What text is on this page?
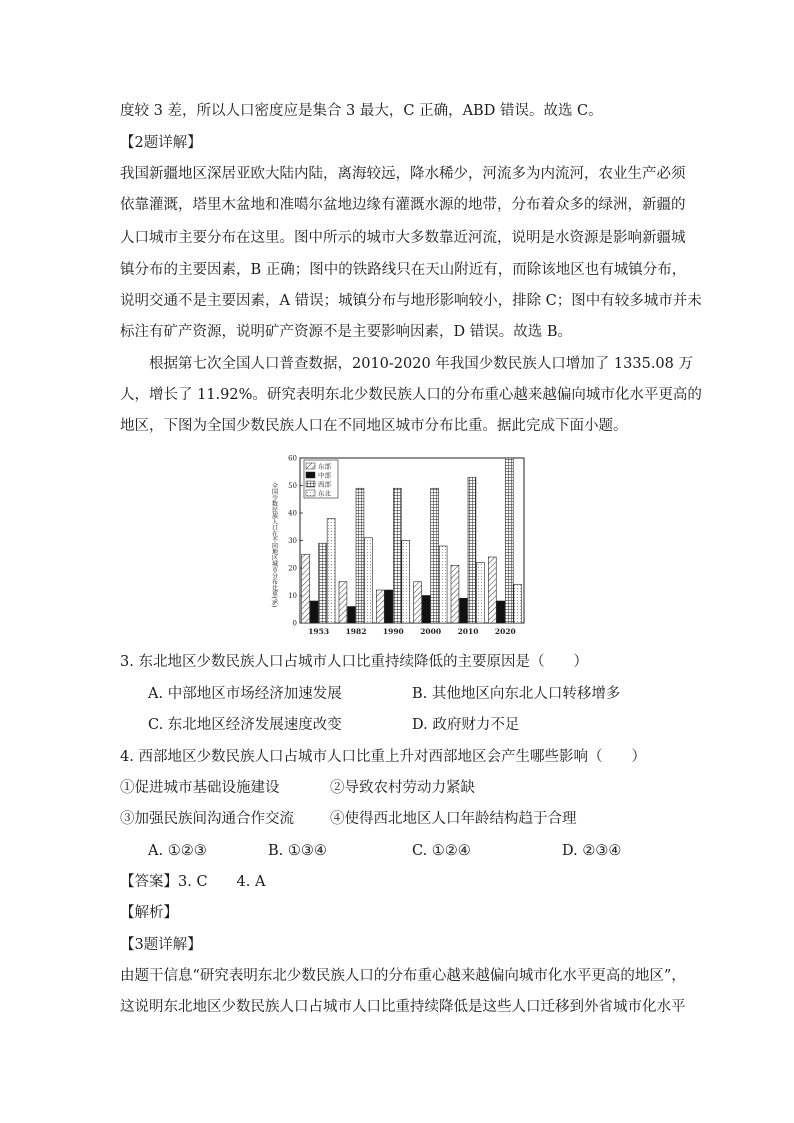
度较 3 差，所以人口密度应是集合 3 最大，C 正确，ABD 错误。故选 C。
【2题详解】
我国新疆地区深居亚欧大陆内陆，离海较远，降水稀少，河流多为内流河，农业生产必须
依靠灌溉，塔里木盆地和准噶尔盆地边缘有灌溉水源的地带，分布着众多的绿洲，新疆的
人口城市主要分布在这里。图中所示的城市大多数靠近河流，说明是水资源是影响新疆城
镇分布的主要因素，B 正确；图中的铁路线只在天山附近有，而除该地区也有城镇分布，
说明交通不是主要因素，A 错误；城镇分布与地形影响较小，排除 C；图中有较多城市并未
标注有矿产资源，说明矿产资源不是主要影响因素，D 错误。故选 B。
根据第七次全国人口普查数据，2010-2020 年我国少数民族人口增加了 1335.08 万
人，增长了 11.92%。研究表明东北少数民族人口的分布重心越来越偏向城市化水平更高的
地区，下图为全国少数民族人口在不同地区城市分布比重。据此完成下面小题。
全国少数民族人口在不同地区城市分布比重(%)
0
10
20
30
40
50
60
1953 1982 1990 2000 2010 2020
东部
中部
西部
东北
3. 东北地区少数民族人口占城市人口比重持续降低的主要原因是（　　）
A. 中部地区市场经济加速发展	B. 其他地区向东北人口转移增多
C. 东北地区经济发展速度改变	D. 政府财力不足
4. 西部地区少数民族人口占城市人口比重上升对西部地区会产生哪些影响（　　）
①促进城市基础设施建设	②导致农村劳动力紧缺
③加强民族间沟通合作交流 ④使得西北地区人口年龄结构趋于合理
A. ①②③	B. ①③④	C. ①②④	D. ②③④
【答案】3. C　　4. A
【解析】
【3题详解】
由题干信息“研究表明东北少数民族人口的分布重心越来越偏向城市化水平更高的地区”，
这说明东北地区少数民族人口占城市人口比重持续降低是这些人口迁移到外省城市化水平
